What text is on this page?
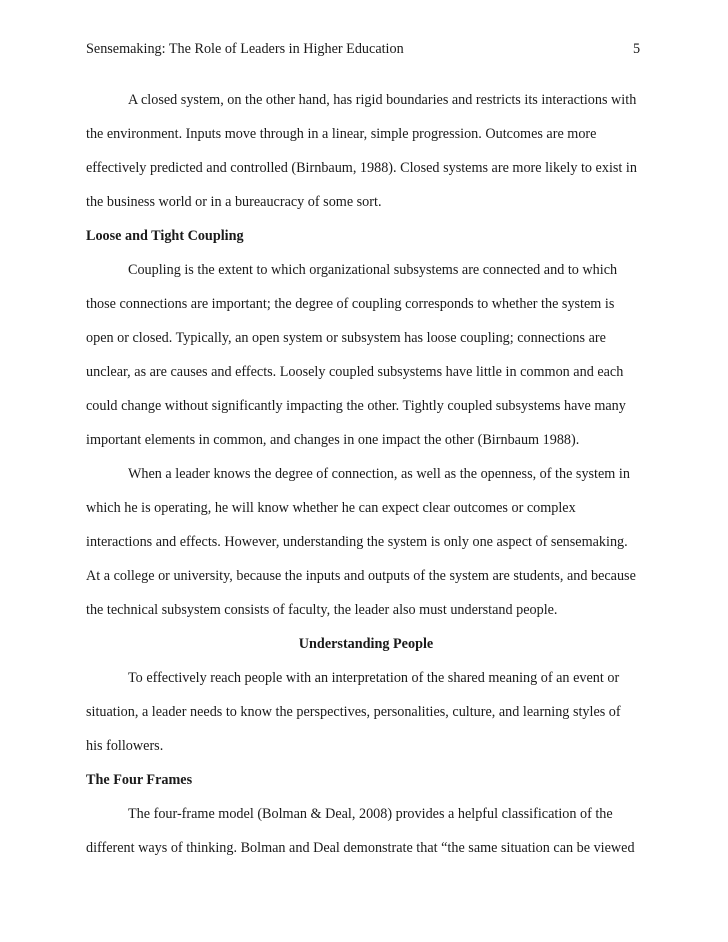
Sensemaking: The Role of Leaders in Higher Education	5

A closed system, on the other hand, has rigid boundaries and restricts its interactions with
the environment. Inputs move through in a linear, simple progression. Outcomes are more
effectively predicted and controlled (Birnbaum, 1988). Closed systems are more likely to exist in
the business world or in a bureaucracy of some sort.

Loose and Tight Coupling

Coupling is the extent to which organizational subsystems are connected and to which
those connections are important; the degree of coupling corresponds to whether the system is
open or closed. Typically, an open system or subsystem has loose coupling; connections are
unclear, as are causes and effects. Loosely coupled subsystems have little in common and each
could change without significantly impacting the other. Tightly coupled subsystems have many
important elements in common, and changes in one impact the other (Birnbaum 1988).

When a leader knows the degree of connection, as well as the openness, of the system in
which he is operating, he will know whether he can expect clear outcomes or complex
interactions and effects. However, understanding the system is only one aspect of sensemaking.
At a college or university, because the inputs and outputs of the system are students, and because
the technical subsystem consists of faculty, the leader also must understand people.

Understanding People

To effectively reach people with an interpretation of the shared meaning of an event or
situation, a leader needs to know the perspectives, personalities, culture, and learning styles of
his followers.

The Four Frames

The four-frame model (Bolman & Deal, 2008) provides a helpful classification of the
different ways of thinking. Bolman and Deal demonstrate that “the same situation can be viewed
